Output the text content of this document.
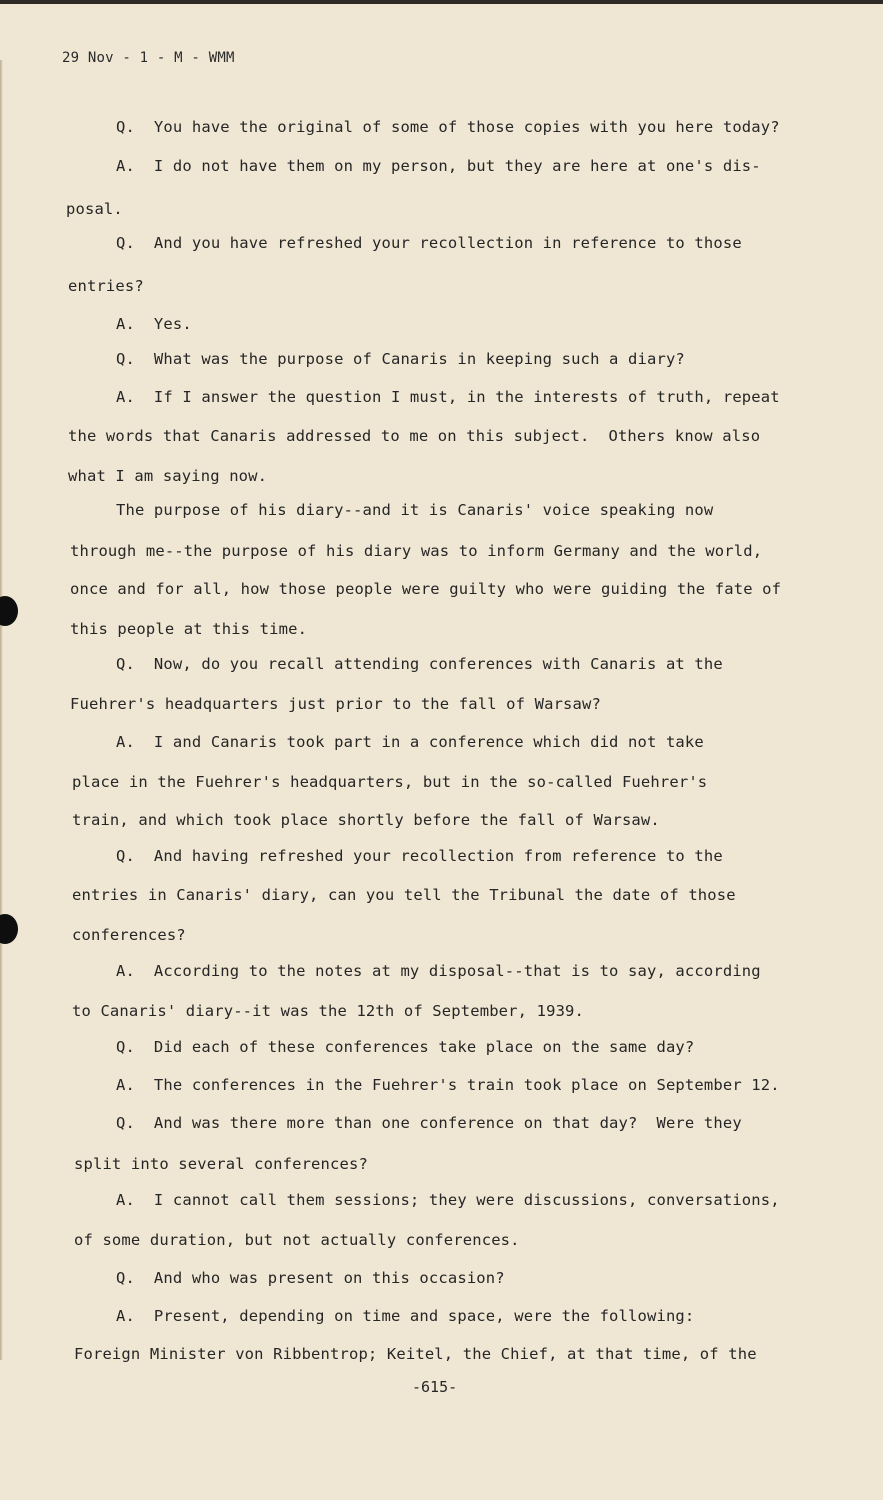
29 Nov - 1 - M - WMM
Q.  You have the original of some of those copies with you here today?
A.  I do not have them on my person, but they are here at one's dis-
posal.
Q.  And you have refreshed your recollection in reference to those
entries?
A.  Yes.
Q.  What was the purpose of Canaris in keeping such a diary?
A.  If I answer the question I must, in the interests of truth, repeat
the words that Canaris addressed to me on this subject.  Others know also
what I am saying now.
The purpose of his diary--and it is Canaris' voice speaking now
through me--the purpose of his diary was to inform Germany and the world,
once and for all, how those people were guilty who were guiding the fate of
this people at this time.
Q.  Now, do you recall attending conferences with Canaris at the
Fuehrer's headquarters just prior to the fall of Warsaw?
A.  I and Canaris took part in a conference which did not take
place in the Fuehrer's headquarters, but in the so-called Fuehrer's
train, and which took place shortly before the fall of Warsaw.
Q.  And having refreshed your recollection from reference to the
entries in Canaris' diary, can you tell the Tribunal the date of those
conferences?
A.  According to the notes at my disposal--that is to say, according
to Canaris' diary--it was the 12th of September, 1939.
Q.  Did each of these conferences take place on the same day?
A.  The conferences in the Fuehrer's train took place on September 12.
Q.  And was there more than one conference on that day?  Were they
split into several conferences?
A.  I cannot call them sessions; they were discussions, conversations,
of some duration, but not actually conferences.
Q.  And who was present on this occasion?
A.  Present, depending on time and space, were the following:
Foreign Minister von Ribbentrop; Keitel, the Chief, at that time, of the
-615-
